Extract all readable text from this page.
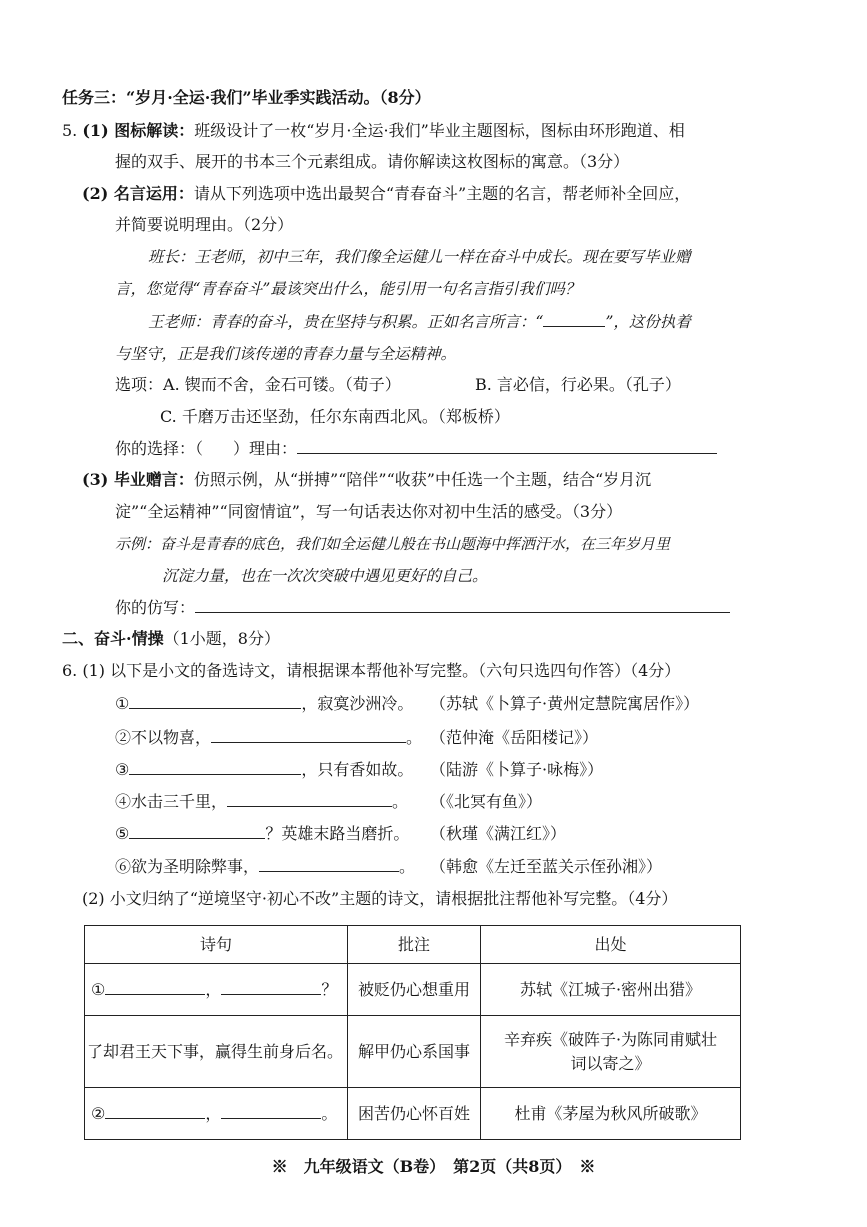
任务三：“岁月·全运·我们”毕业季实践活动。（8分）
5. (1) 图标解读：班级设计了一枚“岁月·全运·我们”毕业主题图标，图标由环形跑道、相
握的双手、展开的书本三个元素组成。请你解读这枚图标的寓意。（3分）
(2) 名言运用：请从下列选项中选出最契合“青春奋斗”主题的名言，帮老师补全回应，
并简要说明理由。（2分）
班长：王老师，初中三年，我们像全运健儿一样在奋斗中成长。现在要写毕业赠
言，您觉得“青春奋斗”最该突出什么，能引用一句名言指引我们吗？
王老师：青春的奋斗，贵在坚持与积累。正如名言所言：“	”，这份执着
与坚守，正是我们该传递的青春力量与全运精神。
选项：A. 锲而不舍，金石可镂。（荀子）	B. 言必信，行必果。（孔子）
C. 千磨万击还坚劲，任尔东南西北风。（郑板桥）
你的选择：（ ）理由：
(3) 毕业赠言：仿照示例，从“拼搏”“陪伴”“收获”中任选一个主题，结合“岁月沉
淀”“全运精神”“同窗情谊”，写一句话表达你对初中生活的感受。（3分）
示例：奋斗是青春的底色，我们如全运健儿般在书山题海中挥洒汗水，在三年岁月里
沉淀力量，也在一次次突破中遇见更好的自己。
你的仿写：
二、奋斗·情操（1小题，8分）
6. (1) 以下是小文的备选诗文，请根据课本帮他补写完整。（六句只选四句作答）（4分）
①	，寂寞沙洲冷。 （苏轼《卜算子·黄州定慧院寓居作》）
②不以物喜，	。 （范仲淹《岳阳楼记》）
③	，只有香如故。 （陆游《卜算子·咏梅》）
④水击三千里，	。 （《北冥有鱼》）
⑤	？英雄末路当磨折。 （秋瑾《满江红》）
⑥欲为圣明除弊事，	。 （韩愈《左迁至蓝关示侄孙湘》）
(2) 小文归纳了“逆境坚守·初心不改”主题的诗文，请根据批注帮他补写完整。（4分）
诗句	批注	出处
① ， ？	被贬仍心想重用	苏轼《江城子·密州出猎》
了却君王天下事，赢得生前身后名。	解甲仍心系国事	辛弃疾《破阵子·为陈同甫赋壮词以寄之》
② ， 。	困苦仍心怀百姓	杜甫《茅屋为秋风所破歌》
※　九年级语文（B卷）　第2页（共8页）　※
